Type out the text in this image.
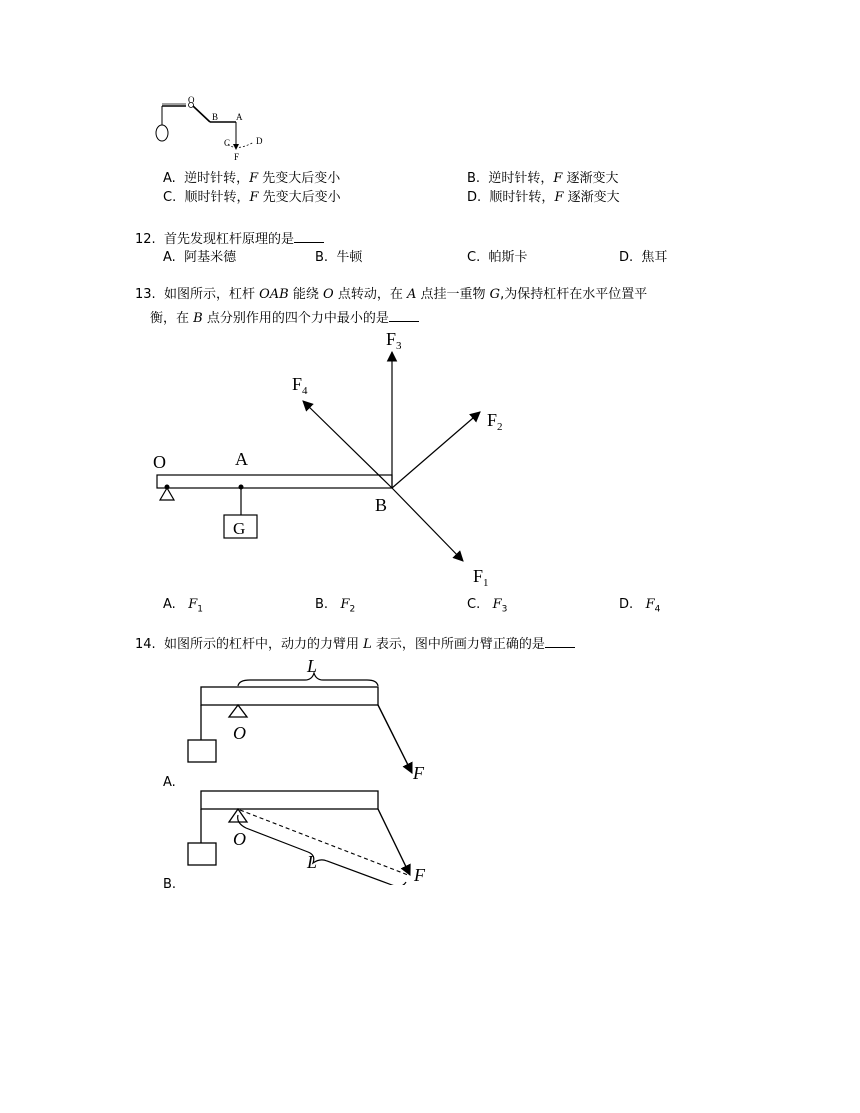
O
B A
C	D
F
A. 逆时针转，F 先变大后变小	B. 逆时针转，F 逐渐变大
C. 顺时针转，F 先变大后变小	D. 顺时针转，F 逐渐变大
12. 首先发现杠杆原理的是
A. 阿基米德	B. 牛顿	C. 帕斯卡	D. 焦耳
13. 如图所示，杠杆 OAB 能绕 O 点转动，在 A 点挂一重物 G,为保持杠杆在水平位置平
衡，在 B 点分别作用的四个力中最小的是
O	A
B
G
$F_1$
$F_2$
$F_3$
$F_4$
A. $F_1$	B. $F_2$	C. $F_3$	D. $F_4$
14. 如图所示的杠杆中，动力的力臂用 L 表示，图中所画力臂正确的是
L
O
F
A.
O
L
F
B.
